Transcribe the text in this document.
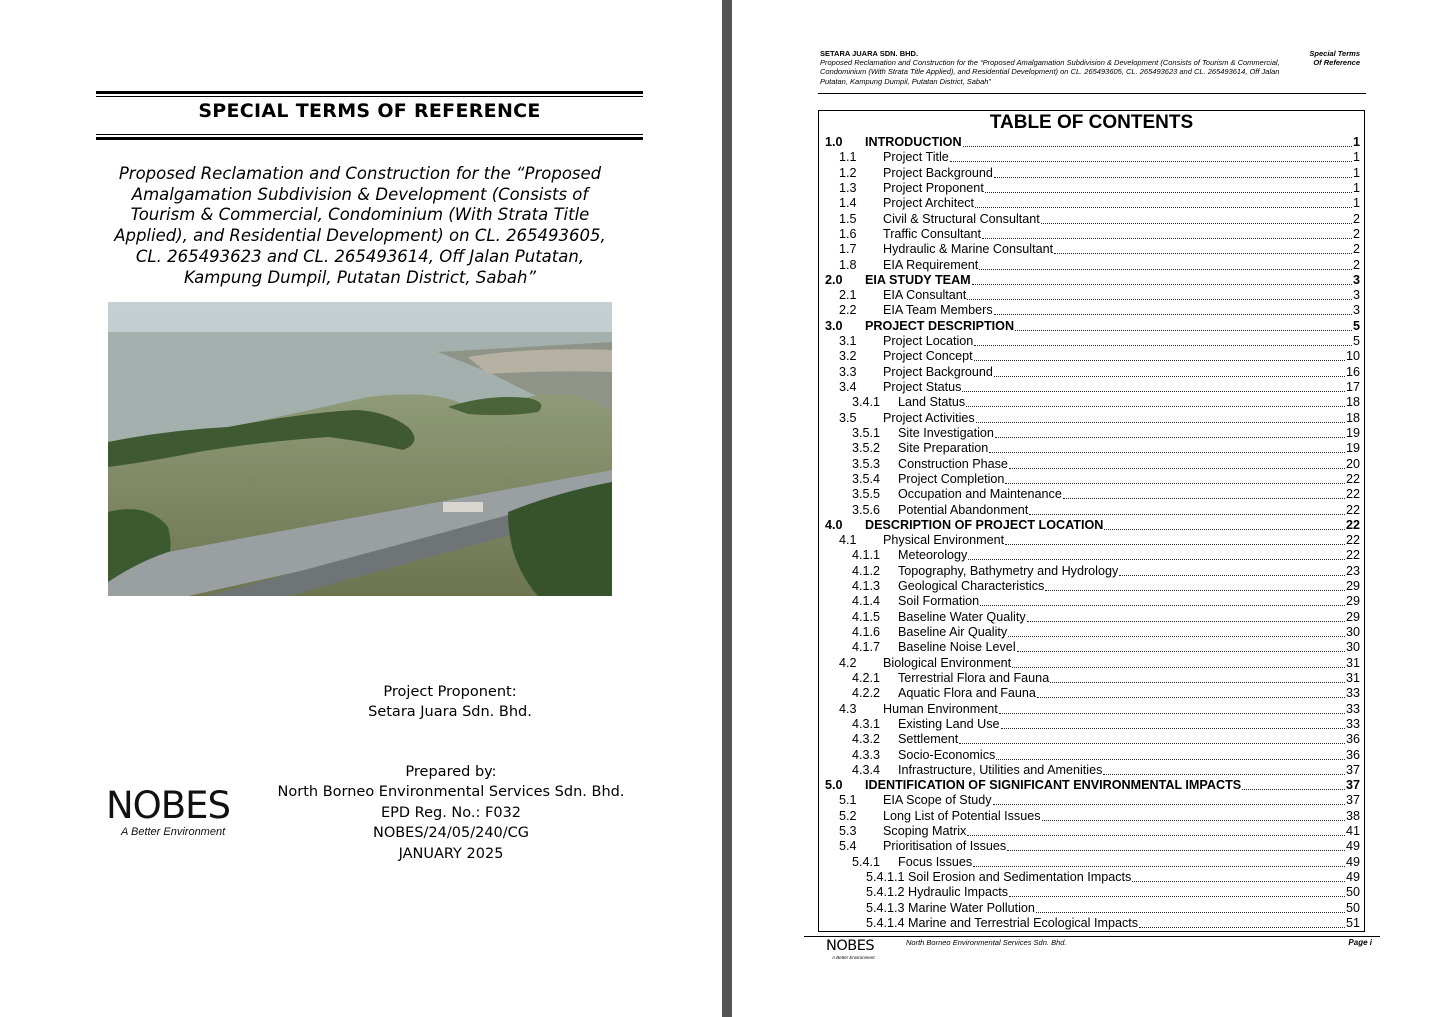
SPECIAL TERMS OF REFERENCE
Proposed Reclamation and Construction for the “Proposed Amalgamation Subdivision & Development (Consists of Tourism & Commercial, Condominium (With Strata Title Applied), and Residential Development) on CL. 265493605, CL. 265493623 and CL. 265493614, Off Jalan Putatan, Kampung Dumpil, Putatan District, Sabah”
Project Proponent:
Setara Juara Sdn. Bhd.
NOBES
A Better Environment
Prepared by:
North Borneo Environmental Services Sdn. Bhd.
EPD Reg. No.: F032
NOBES/24/05/240/CG
JANUARY 2025
SETARA JUARA SDN. BHD.
Proposed Reclamation and Construction for the “Proposed Amalgamation Subdivision & Development (Consists of Tourism & Commercial, Condominium (With Strata Title Applied), and Residential Development) on CL. 265493605, CL. 265493623 and CL. 265493614, Off Jalan Putatan, Kampung Dumpil, Putatan District, Sabah”
Special Terms
Of Reference
TABLE OF CONTENTS
1.0 INTRODUCTION	1
1.1 Project Title	1
1.2 Project Background	1
1.3 Project Proponent	1
1.4 Project Architect	1
1.5 Civil & Structural Consultant	2
1.6 Traffic Consultant	2
1.7 Hydraulic & Marine Consultant	2
1.8 EIA Requirement	2
2.0 EIA STUDY TEAM	3
2.1 EIA Consultant	3
2.2 EIA Team Members	3
3.0 PROJECT DESCRIPTION	5
3.1 Project Location	5
3.2 Project Concept	10
3.3 Project Background	16
3.4 Project Status	17
3.4.1 Land Status	18
3.5 Project Activities	18
3.5.1 Site Investigation	19
3.5.2 Site Preparation	19
3.5.3 Construction Phase	20
3.5.4 Project Completion	22
3.5.5 Occupation and Maintenance	22
3.5.6 Potential Abandonment	22
4.0 DESCRIPTION OF PROJECT LOCATION	22
4.1 Physical Environment	22
4.1.1 Meteorology	22
4.1.2 Topography, Bathymetry and Hydrology	23
4.1.3 Geological Characteristics	29
4.1.4 Soil Formation	29
4.1.5 Baseline Water Quality	29
4.1.6 Baseline Air Quality	30
4.1.7 Baseline Noise Level	30
4.2 Biological Environment	31
4.2.1 Terrestrial Flora and Fauna	31
4.2.2 Aquatic Flora and Fauna	33
4.3 Human Environment	33
4.3.1 Existing Land Use	33
4.3.2 Settlement	36
4.3.3 Socio-Economics	36
4.3.4 Infrastructure, Utilities and Amenities	37
5.0 IDENTIFICATION OF SIGNIFICANT ENVIRONMENTAL IMPACTS	37
5.1 EIA Scope of Study	37
5.2 Long List of Potential Issues	38
5.3 Scoping Matrix	41
5.4 Prioritisation of Issues	49
5.4.1 Focus Issues	49
5.4.1.1 Soil Erosion and Sedimentation Impacts	49
5.4.1.2 Hydraulic Impacts	50
5.4.1.3 Marine Water Pollution	50
5.4.1.4 Marine and Terrestrial Ecological Impacts	51
NOBES
A Better Environment
North Borneo Environmental Services Sdn. Bhd.	Page i
